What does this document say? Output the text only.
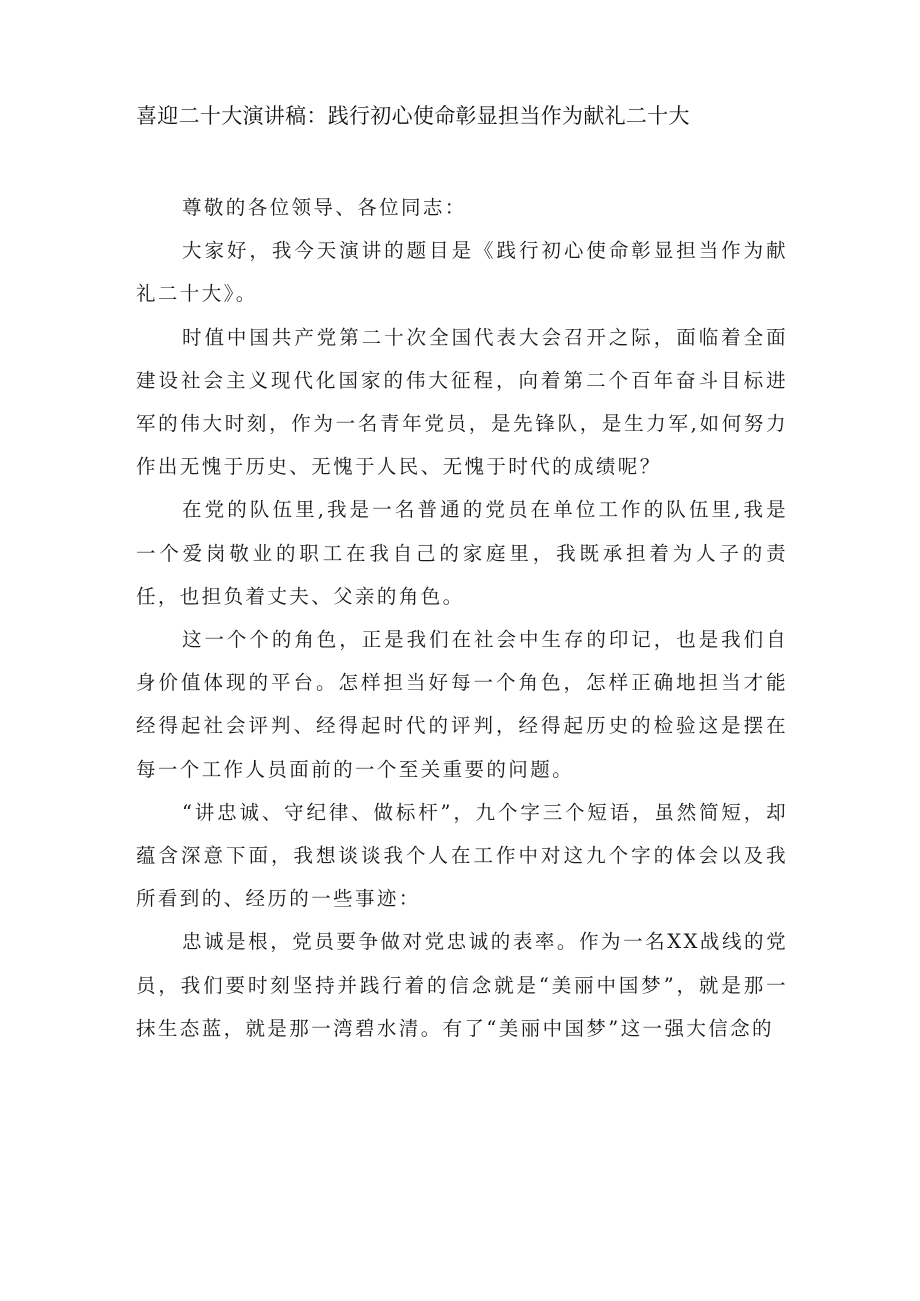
喜迎二十大演讲稿：践行初心使命彰显担当作为献礼二十大

尊敬的各位领导、各位同志：

大家好，我今天演讲的题目是《践行初心使命彰显担当作为献礼二十大》。

时值中国共产党第二十次全国代表大会召开之际，面临着全面建设社会主义现代化国家的伟大征程，向着第二个百年奋斗目标进军的伟大时刻，作为一名青年党员，是先锋队，是生力军,如何努力作出无愧于历史、无愧于人民、无愧于时代的成绩呢？

在党的队伍里,我是一名普通的党员在单位工作的队伍里,我是一个爱岗敬业的职工在我自己的家庭里，我既承担着为人子的责任，也担负着丈夫、父亲的角色。

这一个个的角色，正是我们在社会中生存的印记，也是我们自身价值体现的平台。怎样担当好每一个角色，怎样正确地担当才能经得起社会评判、经得起时代的评判，经得起历史的检验这是摆在每一个工作人员面前的一个至关重要的问题。

“讲忠诚、守纪律、做标杆”，九个字三个短语，虽然简短，却蕴含深意下面，我想谈谈我个人在工作中对这九个字的体会以及我所看到的、经历的一些事迹：

忠诚是根，党员要争做对党忠诚的表率。作为一名XX战线的党员，我们要时刻坚持并践行着的信念就是“美丽中国梦”，就是那一抹生态蓝，就是那一湾碧水清。有了“美丽中国梦”这一强大信念的
